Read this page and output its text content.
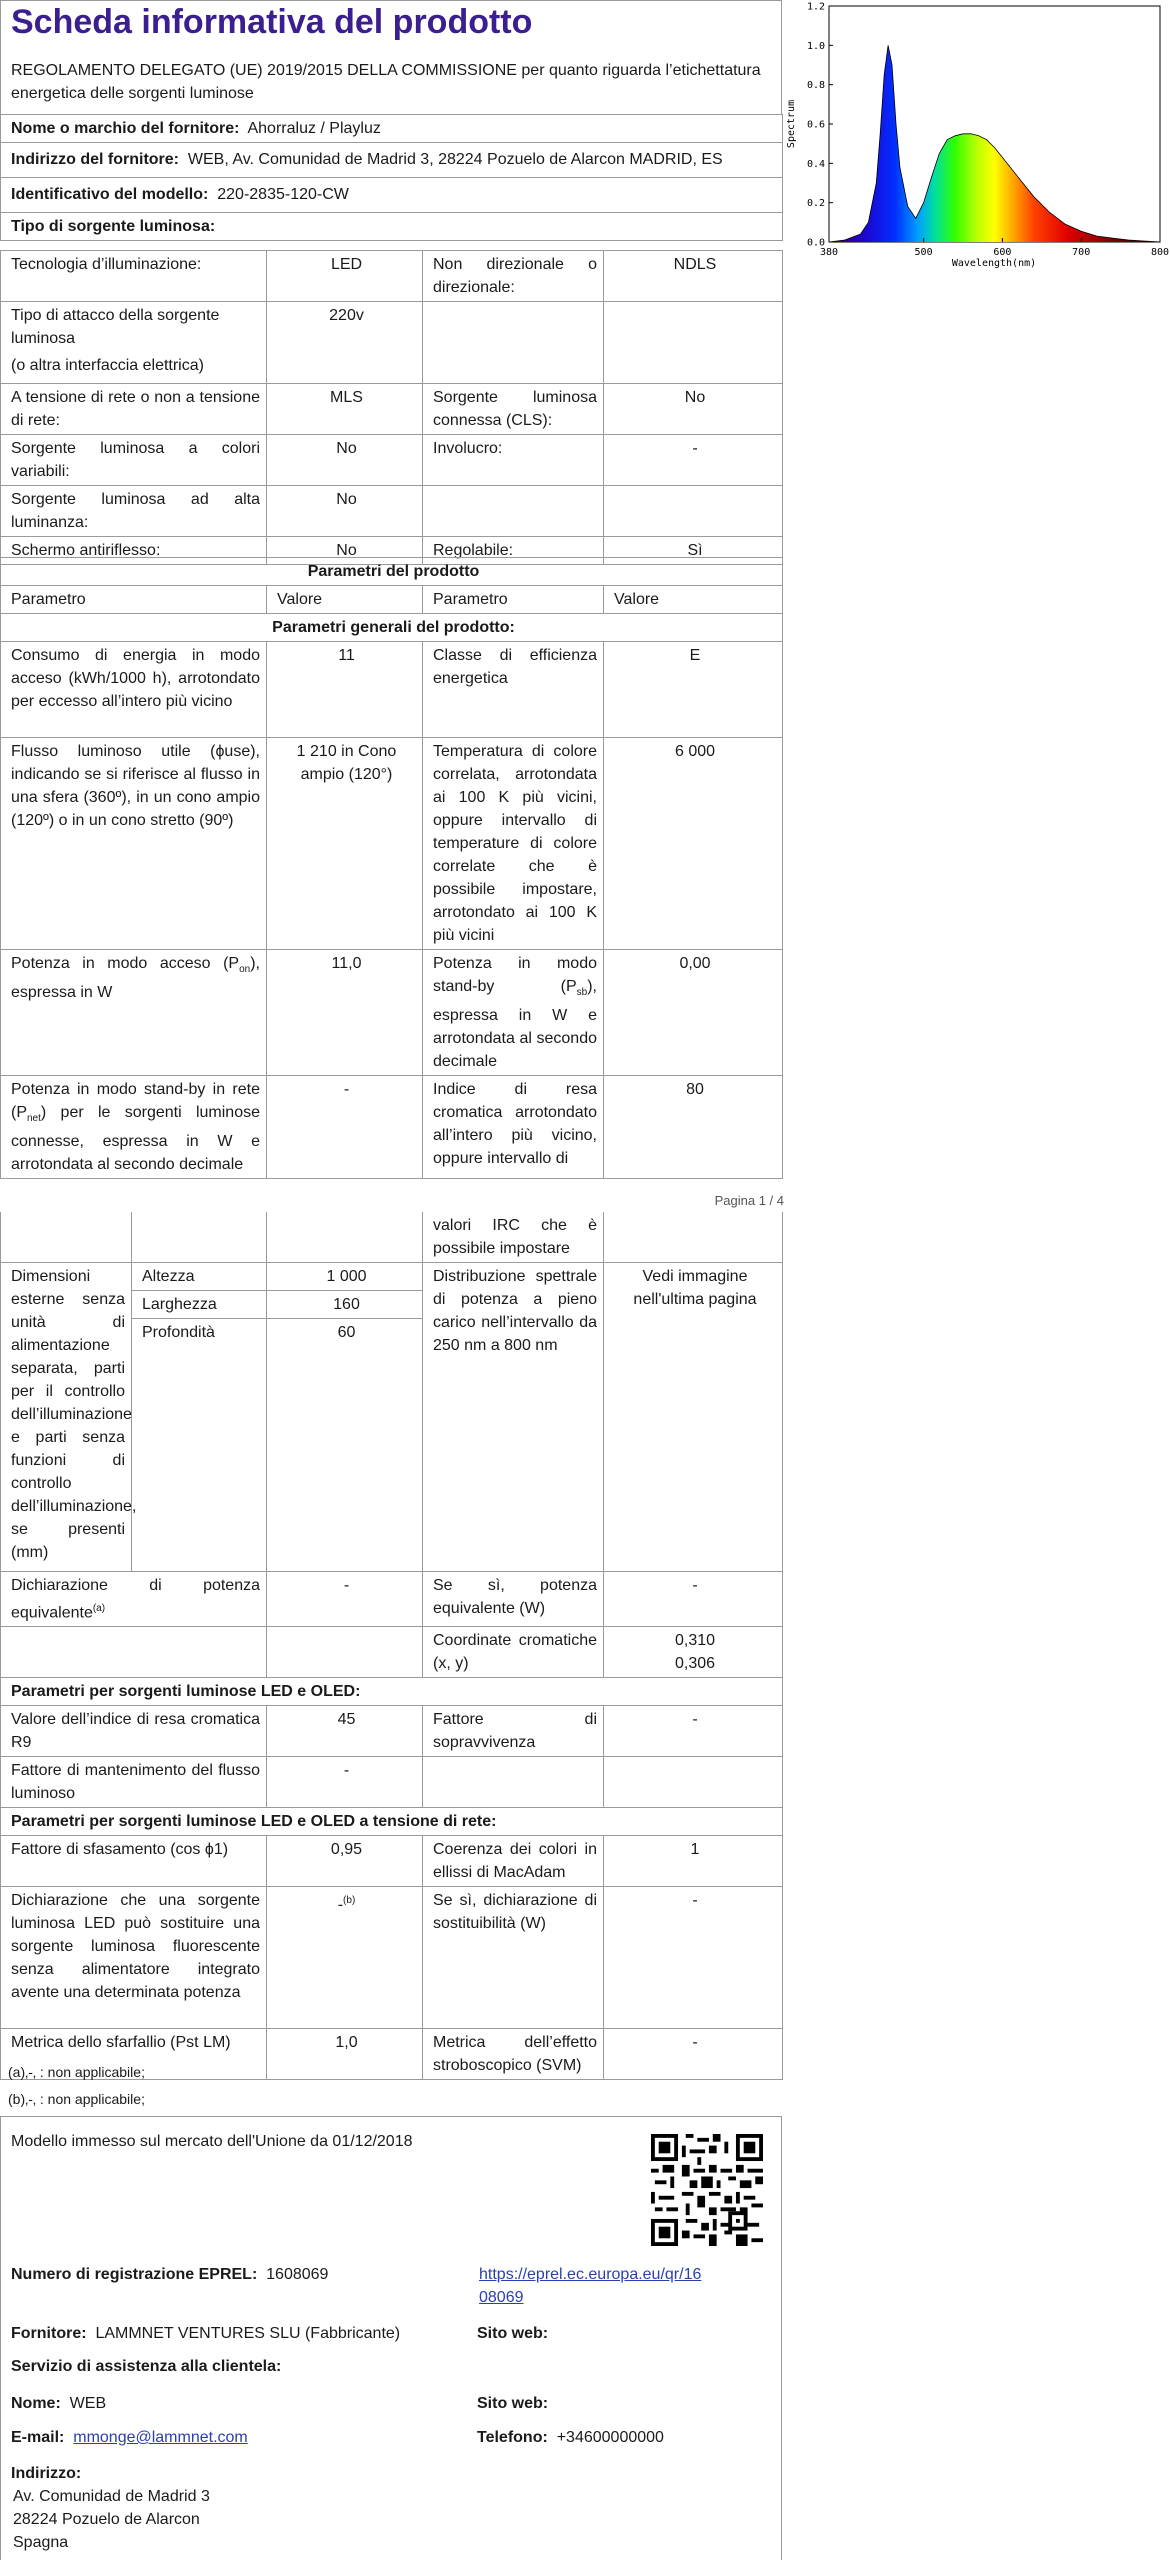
Scheda informativa del prodotto
REGOLAMENTO DELEGATO (UE) 2019/2015 DELLA COMMISSIONE per quanto riguarda l’etichettatura energetica delle sorgenti luminose
Nome o marchio del fornitore: Ahorraluz / Playluz
Indirizzo del fornitore: WEB, Av. Comunidad de Madrid 3, 28224 Pozuelo de Alarcon MADRID, ES
Identificativo del modello: 220-2835-120-CW
Tipo di sorgente luminosa:
Tecnologia d’illuminazione:	LED	Non direzionale o direzionale:	NDLS

Tipo di attacco della sorgente luminosa
(o altra interfaccia elettrica)	220v		
A tensione di rete o non a tensione di rete:	MLS	Sorgente luminosa connessa (CLS):	No
Sorgente luminosa a colori variabili:	No	Involucro:	-
Sorgente luminosa ad alta luminanza:	No		
Schermo antiriflesso:	No	Regolabile:	Sì
Parametri del prodotto			
Parametro	Valore	Parametro	Valore
Parametri generali del prodotto:			
Consumo di energia in modo acceso (kWh/1000 h), arrotondato per eccesso all’intero più vicino	11	Classe di efficienza energetica	E
Flusso luminoso utile (ϕuse), indicando se si riferisce al flusso in una sfera (360º), in un cono ampio (120º) o in un cono stretto (90º)	1 210 in Cono ampio (120°)	Temperatura di colore correlata, arrotondata ai 100 K più vicini, oppure intervallo di temperature di colore correlate che è possibile impostare, arrotondato ai 100 K più vicini	6 000
Potenza in modo acceso $(P_{on})$, espressa in W	11,0	Potenza in modo stand-by $(P_{sb})$, espressa in W e arrotondata al secondo decimale	0,00
Potenza in modo stand-by in rete $(P_{net})$ per le sorgenti luminose connesse, espressa in W e arrotondata al secondo decimale	-	Indice di resa cromatica arrotondato all’intero più vicino, oppure intervallo di	80
Pagina 1 / 4
380	500	600	700	800
0.0
0.2
0.4
0.6
0.8
1.0
1.2
Wavelength(nm)
Spectrum
			valori IRC che è possibile impostare	
Dimensioni esterne senza unità di alimentazione separata, parti per il controllo dell’illuminazione e parti senza funzioni di controllo dell’illuminazione, se presenti (mm)	Altezza	1 000	Distribuzione spettrale di potenza a pieno carico nell’intervallo da 250 nm a 800 nm	Vedi immagine nell'ultima pagina
	Larghezza	160		
	Profondità	60		
Dichiarazione di potenza equivalente$^{(a)}$		-	Se sì, potenza equivalente (W)	-
			Coordinate cromatiche (x, y)	0,310
0,306

Parametri per sorgenti luminose LED e OLED:				
Valore dell’indice di resa cromatica R9		45	Fattore di sopravvivenza	-
Fattore di mantenimento del flusso luminoso		-		
Parametri per sorgenti luminose LED e OLED a tensione di rete:				
Fattore di sfasamento (cos ϕ1)		0,95	Coerenza dei colori in ellissi di MacAdam	1
Dichiarazione che una sorgente luminosa LED può sostituire una sorgente luminosa fluorescente senza alimentatore integrato avente una determinata potenza		-$^{(b)}$	Se sì, dichiarazione di sostituibilità (W)	-
Metrica dello sfarfallio (Pst LM)		1,0	Metrica dell’effetto stroboscopico (SVM)	-
(a)‚-‚ : non applicabile;
(b)‚-‚ : non applicabile;
Modello immesso sul mercato dell'Unione da 01/12/2018
Numero di registrazione EPREL: 1608069	https://eprel.ec.europa.eu/qr/16
08069
Fornitore: LAMMNET VENTURES SLU (Fabbricante)	Sito web:
Servizio di assistenza alla clientela:
Nome: WEB	Sito web:
E-mail: mmonge@lammnet.com	Telefono: +34600000000
Indirizzo:
Av. Comunidad de Madrid 3
28224 Pozuelo de Alarcon
Spagna
